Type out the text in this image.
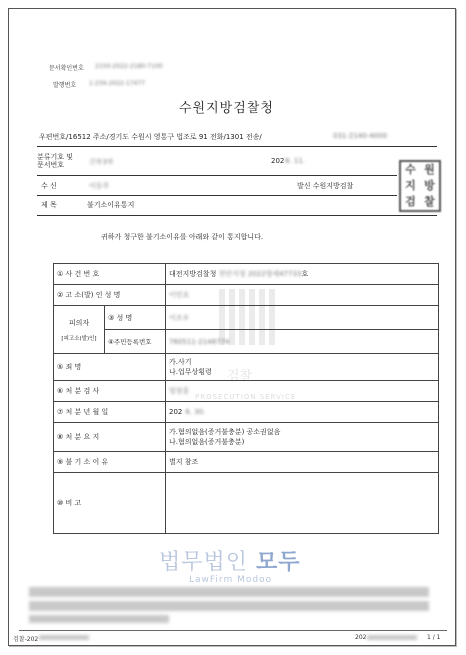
문서확인번호 2150-2022-2180-7100
발행번호 1-234-2022-17477
수원지방검찰청
우편번호/16512 주소/경기도 수원시 영통구 법조로 91 전화/1301 전송/	031-2140-4000
분류기호 및 문서번호	간부3부	202 8. 11.
수 신	이동주	발신 수원지방검찰
제 목	불기소이유통지
수 원
지 방
검 찰
귀하가 청구한 불기소이유를 아래와 같이 통지합니다.
검찰
PROSECUTION SERVICE
① 사 건 번 호		대전지방검찰청 천안지청 2022형제47733호
② 고 소(발) 인 성 명		이민호

피의자
[피고소(발)인]	③ 성 명	이조우
	④주민등록번호	760511-2148774
⑤ 죄 명		가.사기
나.업무상횡령

⑥ 처 분 검 사		엄창훈
⑦ 처 분 년 월 일		202 6. 30.
⑧ 처 분 요 지		가.혐의없음(증거불충분) 공소권없음
나.혐의없음(증거불충분)

⑨ 불 기 소 이 유		별지 참조
⑩ 비 고		
법무법인 모두
LawFirm Modoo
검찰-202	202	1 / 1
